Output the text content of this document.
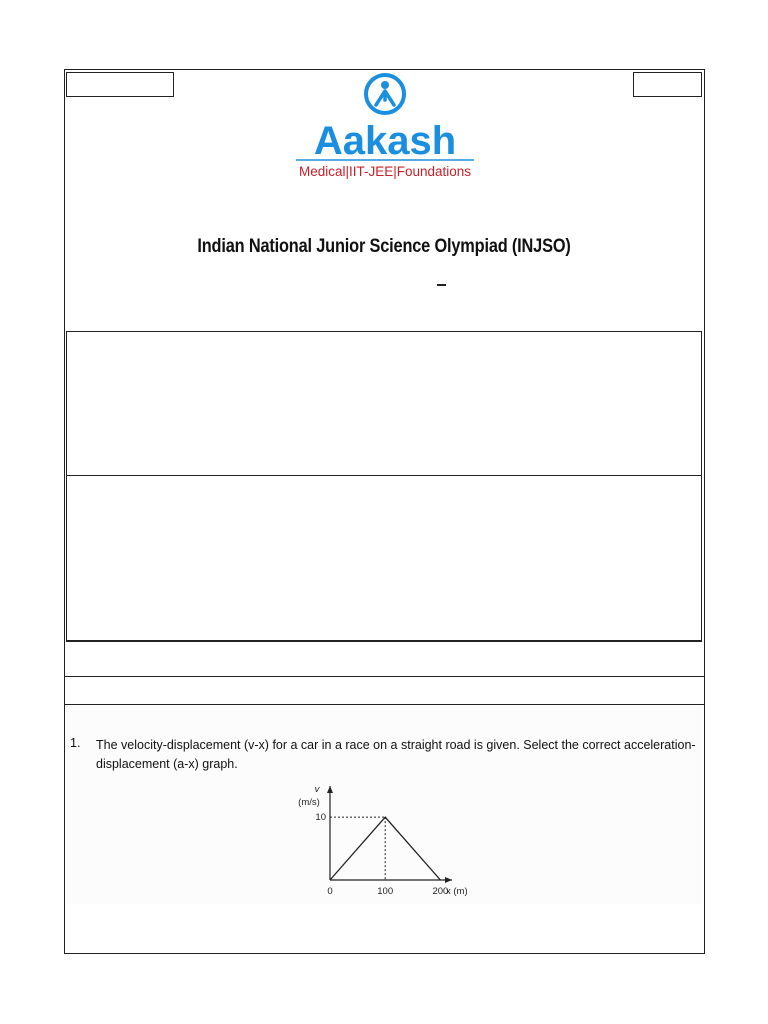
Aakash
Medical|IIT-JEE|Foundations
Indian National Junior Science Olympiad (INJSO)
1. The velocity-displacement (v-x) for a car in a race on a straight road is given. Select the correct acceleration-displacement (a-x) graph.
0	100	200
10
v
(m/s)
x (m)
